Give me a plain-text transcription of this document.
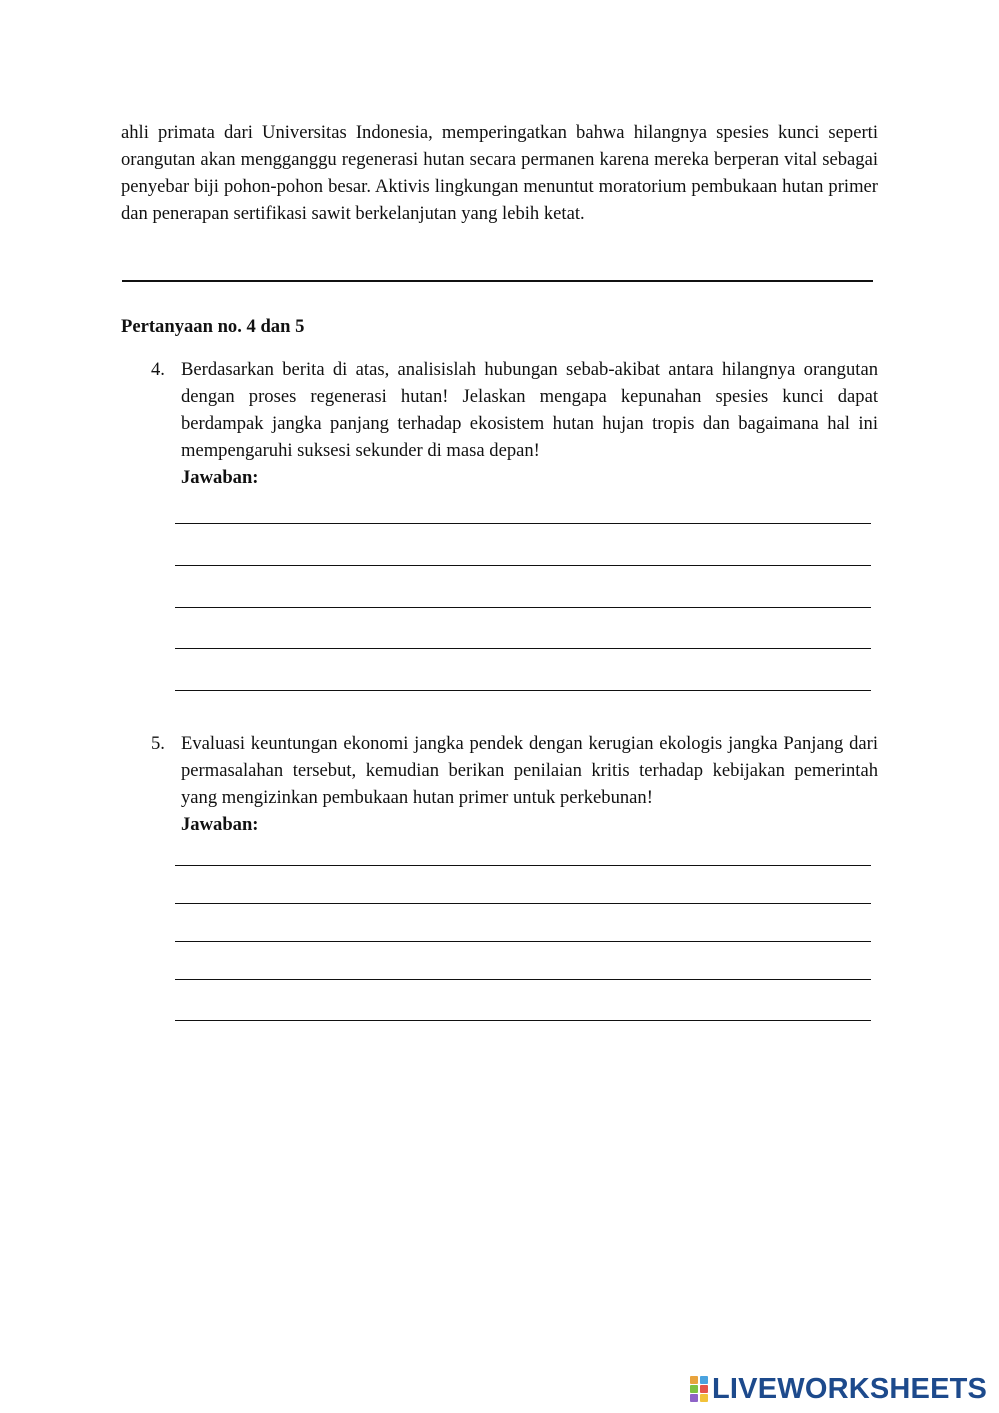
ahli primata dari Universitas Indonesia, memperingatkan bahwa hilangnya spesies kunci seperti orangutan akan mengganggu regenerasi hutan secara permanen karena mereka berperan vital sebagai penyebar biji pohon-pohon besar. Aktivis lingkungan menuntut moratorium pembukaan hutan primer dan penerapan sertifikasi sawit berkelanjutan yang lebih ketat.

Pertanyaan no. 4 dan 5
4. Berdasarkan berita di atas, analisislah hubungan sebab-akibat antara hilangnya orangutan dengan proses regenerasi hutan! Jelaskan mengapa kepunahan spesies kunci dapat berdampak jangka panjang terhadap ekosistem hutan hujan tropis dan bagaimana hal ini mempengaruhi suksesi sekunder di masa depan!

Jawaban:
5. Evaluasi keuntungan ekonomi jangka pendek dengan kerugian ekologis jangka Panjang dari permasalahan tersebut, kemudian berikan penilaian kritis terhadap kebijakan pemerintah yang mengizinkan pembukaan hutan primer untuk perkebunan!

Jawaban:
LIVEWORKSHEETS
